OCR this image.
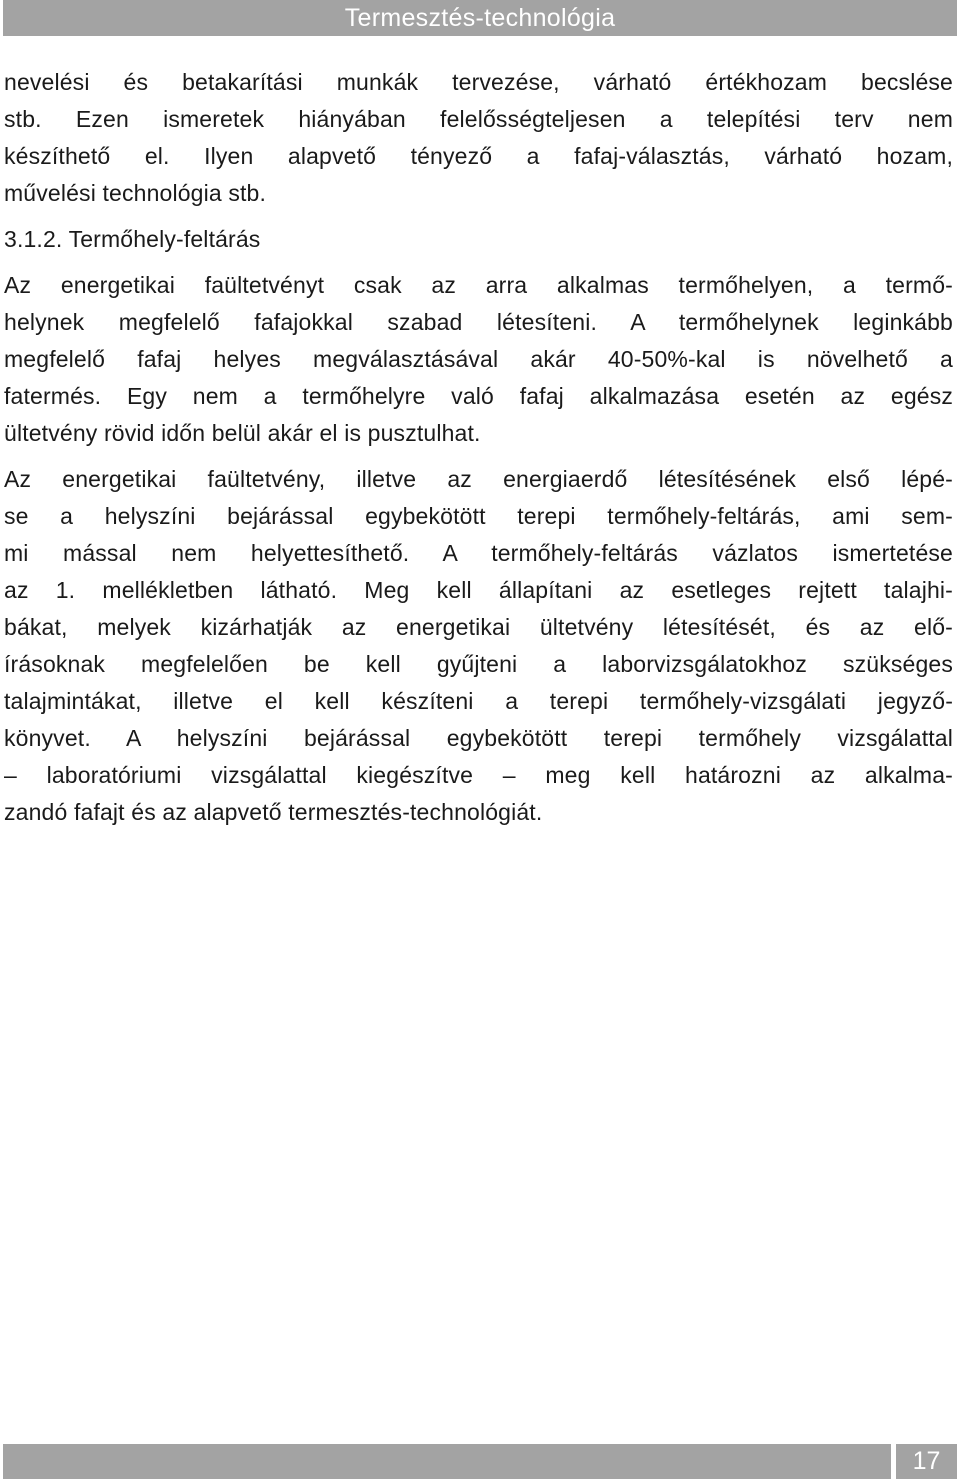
Termesztés-technológia
nevelési és betakarítási munkák tervezése, várható értékhozam becslése
stb. Ezen ismeretek hiányában felelősségteljesen a telepítési terv nem
készíthető el. Ilyen alapvető tényező a fafaj-választás, várható hozam,
művelési technológia stb.
3.1.2. Termőhely-feltárás
Az energetikai faültetvényt csak az arra alkalmas termőhelyen, a termő-
helynek megfelelő fafajokkal szabad létesíteni. A termőhelynek leginkább
megfelelő fafaj helyes megválasztásával akár 40-50%-kal is növelhető a
fatermés. Egy nem a termőhelyre való fafaj alkalmazása esetén az egész
ültetvény rövid időn belül akár el is pusztulhat.
Az energetikai faültetvény, illetve az energiaerdő létesítésének első lépé-
se a helyszíni bejárással egybekötött terepi termőhely-feltárás, ami sem-
mi mással nem helyettesíthető. A termőhely-feltárás vázlatos ismertetése
az 1. mellékletben látható. Meg kell állapítani az esetleges rejtett talajhi-
bákat, melyek kizárhatják az energetikai ültetvény létesítését, és az elő-
írásoknak megfelelően be kell gyűjteni a laborvizsgálatokhoz szükséges
talajmintákat, illetve el kell készíteni a terepi termőhely-vizsgálati jegyző-
könyvet. A helyszíni bejárással egybekötött terepi termőhely vizsgálattal
– laboratóriumi vizsgálattal kiegészítve – meg kell határozni az alkalma-
zandó fafajt és az alapvető termesztés-technológiát.
17
